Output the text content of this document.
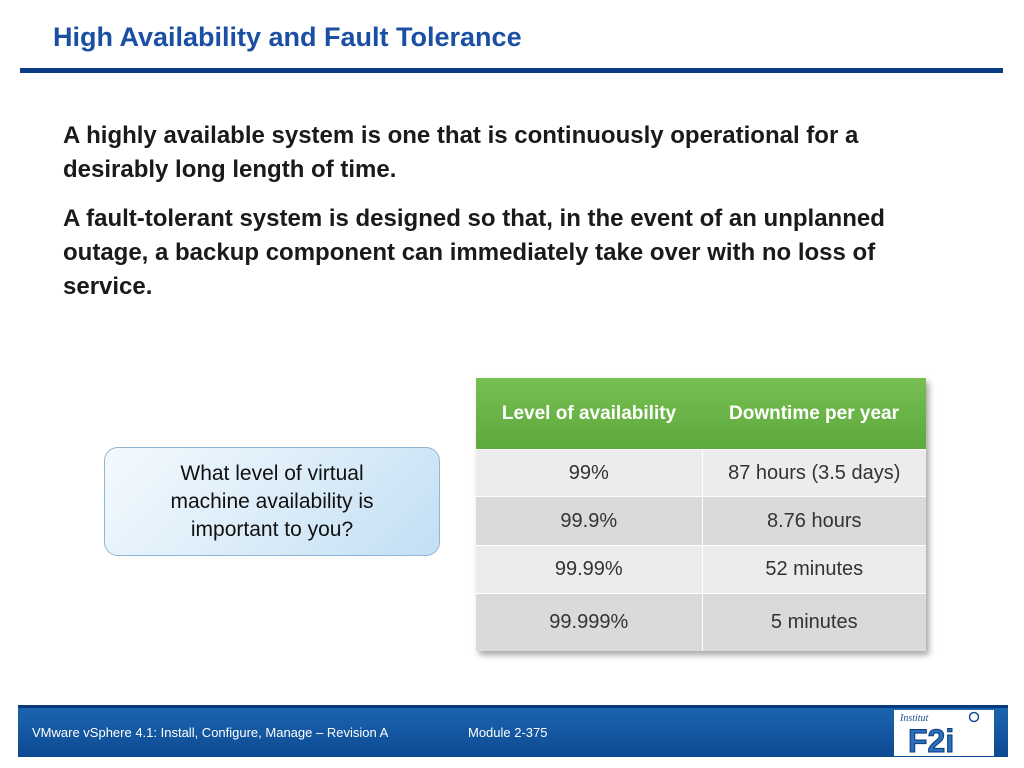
High Availability and Fault Tolerance

A highly available system is one that is continuously operational for a desirably long length of time.

A fault-tolerant system is designed so that, in the event of an unplanned outage, a backup component can immediately take over with no loss of service.

What level of virtual machine availability is important to you?
Level of availability	Downtime per year
99%	87 hours (3.5 days)
99.9%	8.76 hours
99.99%	52 minutes
99.999%	5 minutes
VMware vSphere 4.1: Install, Configure, Manage – Revision A	Module 2-375
Institut
F2i
